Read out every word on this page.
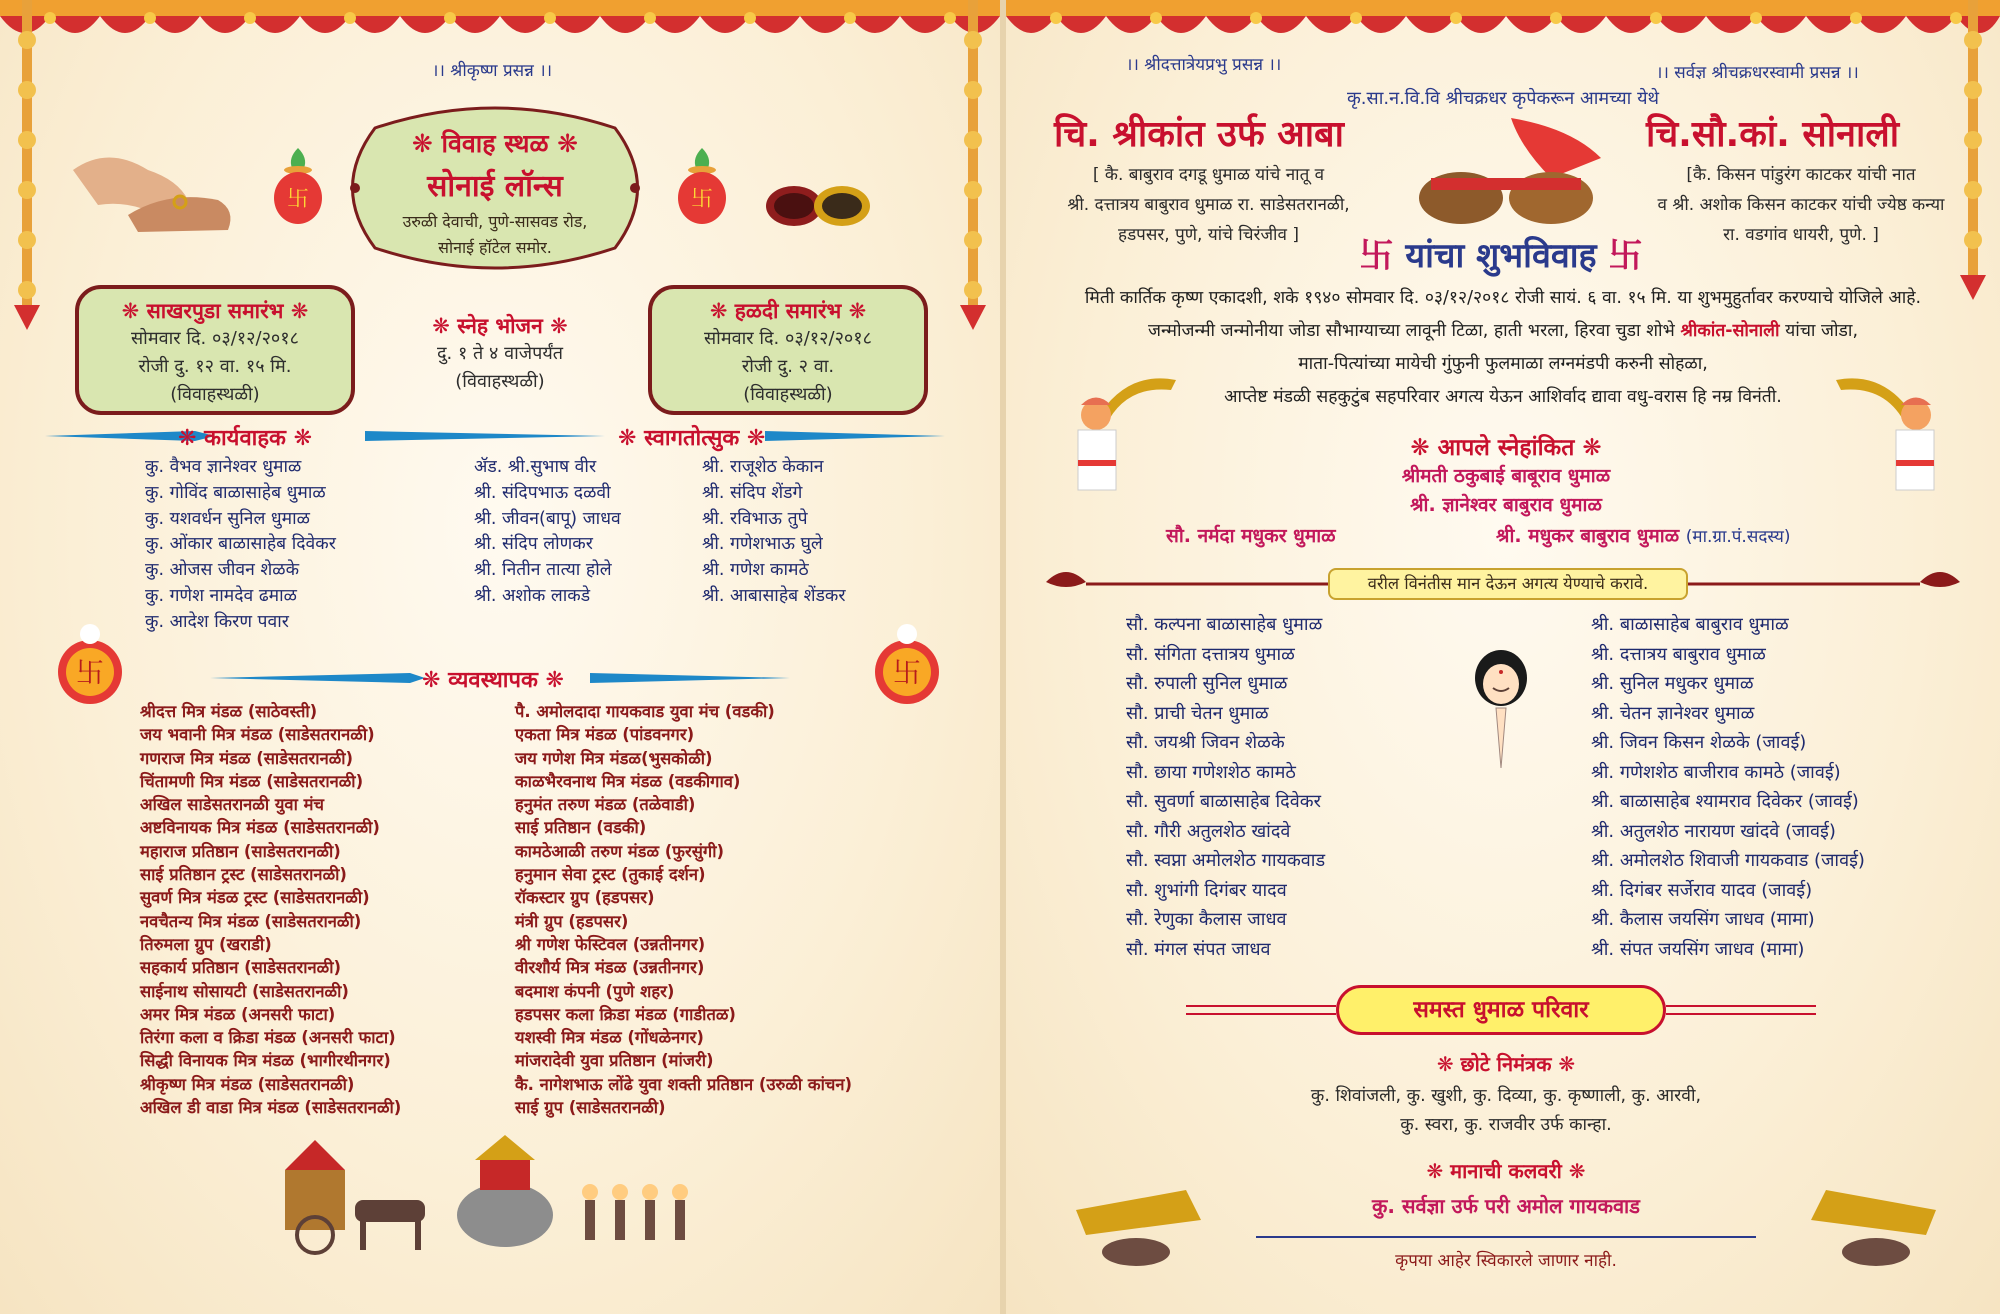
।। श्रीकृष्ण प्रसन्न ।।
卐	卐
❋ विवाह स्थळ ❋
सोनाई लॉन्स
उरुळी देवाची, पुणे-सासवड रोड,
सोनाई हॉटेल समोर.
❋ साखरपुडा समारंभ ❋
सोमवार दि. ०३/१२/२०१८
रोजी दु. १२ वा. १५ मि.
(विवाहस्थळी)
❋ स्नेह भोजन ❋
दु. १ ते ४ वाजेपर्यंत
(विवाहस्थळी)
❋ हळदी समारंभ ❋
सोमवार दि. ०३/१२/२०१८
रोजी दु. २ वा.
(विवाहस्थळी)
❋ कार्यवाहक ❋	❋ स्वागतोत्सुक ❋
कु. वैभव ज्ञानेश्वर धुमाळ
कु. गोविंद बाळासाहेब धुमाळ
कु. यशवर्धन सुनिल धुमाळ
कु. ओंकार बाळासाहेब दिवेकर
कु. ओजस जीवन शेळके
कु. गणेश नामदेव ढमाळ
कु. आदेश किरण पवार
ॲड. श्री.सुभाष वीर
श्री. संदिपभाऊ दळवी
श्री. जीवन(बापू) जाधव
श्री. संदिप लोणकर
श्री. नितीन तात्या होले
श्री. अशोक लाकडे
श्री. राजूशेठ केकान
श्री. संदिप शेंडगे
श्री. रविभाऊ तुपे
श्री. गणेशभाऊ घुले
श्री. गणेश कामठे
श्री. आबासाहेब शेंडकर
卐	卐
❋ व्यवस्थापक ❋
श्रीदत्त मित्र मंडळ (साठेवस्ती)
जय भवानी मित्र मंडळ (साडेसतरानळी)
गणराज मित्र मंडळ (साडेसतरानळी)
चिंतामणी मित्र मंडळ (साडेसतरानळी)
अखिल साडेसतरानळी युवा मंच
अष्टविनायक मित्र मंडळ (साडेसतरानळी)
महाराज प्रतिष्ठान (साडेसतरानळी)
साई प्रतिष्ठान ट्रस्ट (साडेसतरानळी)
सुवर्ण मित्र मंडळ ट्रस्ट (साडेसतरानळी)
नवचैतन्य मित्र मंडळ (साडेसतरानळी)
तिरुमला ग्रुप (खराडी)
सहकार्य प्रतिष्ठान (साडेसतरानळी)
साईनाथ सोसायटी (साडेसतरानळी)
अमर मित्र मंडळ (अनसरी फाटा)
तिरंगा कला व क्रिडा मंडळ (अनसरी फाटा)
सिद्धी विनायक मित्र मंडळ (भागीरथीनगर)
श्रीकृष्ण मित्र मंडळ (साडेसतरानळी)
अखिल डी वाडा मित्र मंडळ (साडेसतरानळी)
पै. अमोलदादा गायकवाड युवा मंच (वडकी)
एकता मित्र मंडळ (पांडवनगर)
जय गणेश मित्र मंडळ(भुसकोळी)
काळभैरवनाथ मित्र मंडळ (वडकीगाव)
हनुमंत तरुण मंडळ (तळेवाडी)
साई प्रतिष्ठान (वडकी)
कामठेआळी तरुण मंडळ (फुरसुंगी)
हनुमान सेवा ट्रस्ट (तुकाई दर्शन)
रॉकस्टार ग्रुप (हडपसर)
मंत्री ग्रुप (हडपसर)
श्री गणेश फेस्टिवल (उन्नतीनगर)
वीरशौर्य मित्र मंडळ (उन्नतीनगर)
बदमाश कंपनी (पुणे शहर)
हडपसर कला क्रिडा मंडळ (गाडीतळ)
यशस्वी मित्र मंडळ (गोंधळेनगर)
मांजरादेवी युवा प्रतिष्ठान (मांजरी)
कै. नागेशभाऊ लोंढे युवा शक्ती प्रतिष्ठान (उरुळी कांचन)
साई ग्रुप (साडेसतरानळी)
।। श्रीदत्तात्रेयप्रभु प्रसन्न ।।	।। सर्वज्ञ श्रीचक्रधरस्वामी प्रसन्न ।।
कृ.सा.न.वि.वि श्रीचक्रधर कृपेकरून आमच्या येथे
चि. श्रीकांत उर्फ आबा	चि.सौ.कां. सोनाली
[ कै. बाबुराव दगडू धुमाळ यांचे नातू व
श्री. दत्तात्रय बाबुराव धुमाळ रा. साडेसतरानळी,
हडपसर, पुणे, यांचे चिरंजीव ]
[कै. किसन पांडुरंग काटकर यांची नात
व श्री. अशोक किसन काटकर यांची ज्येष्ठ कन्या
रा. वडगांव धायरी, पुणे. ]
卐 यांचा शुभविवाह 卐
मिती कार्तिक कृष्ण एकादशी, शके १९४० सोमवार दि. ०३/१२/२०१८ रोजी सायं. ६ वा. १५ मि. या शुभमुहुर्तावर करण्याचे योजिले आहे.
जन्मोजन्मी जन्मोनीया जोडा सौभाग्याच्या लावूनी टिळा, हाती भरला, हिरवा चुडा शोभे श्रीकांत-सोनाली यांचा जोडा,
माता-पित्यांच्या मायेची गुंफुनी फुलमाळा लग्नमंडपी करुनी सोहळा,
आप्तेष्ट मंडळी सहकुटुंब सहपरिवार अगत्य येऊन आशिर्वाद द्यावा वधु-वरास हि नम्र विनंती.
❋ आपले स्नेहांकित ❋
श्रीमती ठकुबाई बाबूराव धुमाळ
श्री. ज्ञानेश्वर बाबुराव धुमाळ
सौ. नर्मदा मधुकर धुमाळ	श्री. मधुकर बाबुराव धुमाळ (मा.ग्रा.पं.सदस्य)
वरील विनंतीस मान देऊन अगत्य येण्याचे करावे.
सौ. कल्पना बाळासाहेब धुमाळ
सौ. संगिता दत्तात्रय धुमाळ
सौ. रुपाली सुनिल धुमाळ
सौ. प्राची चेतन धुमाळ
सौ. जयश्री जिवन शेळके
सौ. छाया गणेशशेठ कामठे
सौ. सुवर्णा बाळासाहेब दिवेकर
सौ. गौरी अतुलशेठ खांदवे
सौ. स्वप्ना अमोलशेठ गायकवाड
सौ. शुभांगी दिगंबर यादव
सौ. रेणुका कैलास जाधव
सौ. मंगल संपत जाधव
श्री. बाळासाहेब बाबुराव धुमाळ
श्री. दत्तात्रय बाबुराव धुमाळ
श्री. सुनिल मधुकर धुमाळ
श्री. चेतन ज्ञानेश्वर धुमाळ
श्री. जिवन किसन शेळके (जावई)
श्री. गणेशशेठ बाजीराव कामठे (जावई)
श्री. बाळासाहेब श्यामराव दिवेकर (जावई)
श्री. अतुलशेठ नारायण खांदवे (जावई)
श्री. अमोलशेठ शिवाजी गायकवाड (जावई)
श्री. दिगंबर सर्जेराव यादव (जावई)
श्री. कैलास जयसिंग जाधव (मामा)
श्री. संपत जयसिंग जाधव (मामा)
समस्त धुमाळ परिवार
❋ छोटे निमंत्रक ❋
कु. शिवांजली, कु. खुशी, कु. दिव्या, कु. कृष्णाली, कु. आरवी,
कु. स्वरा, कु. राजवीर उर्फ कान्हा.
❋ मानाची कलवरी ❋
कु. सर्वज्ञा उर्फ परी अमोल गायकवाड
कृपया आहेर स्विकारले जाणार नाही.
